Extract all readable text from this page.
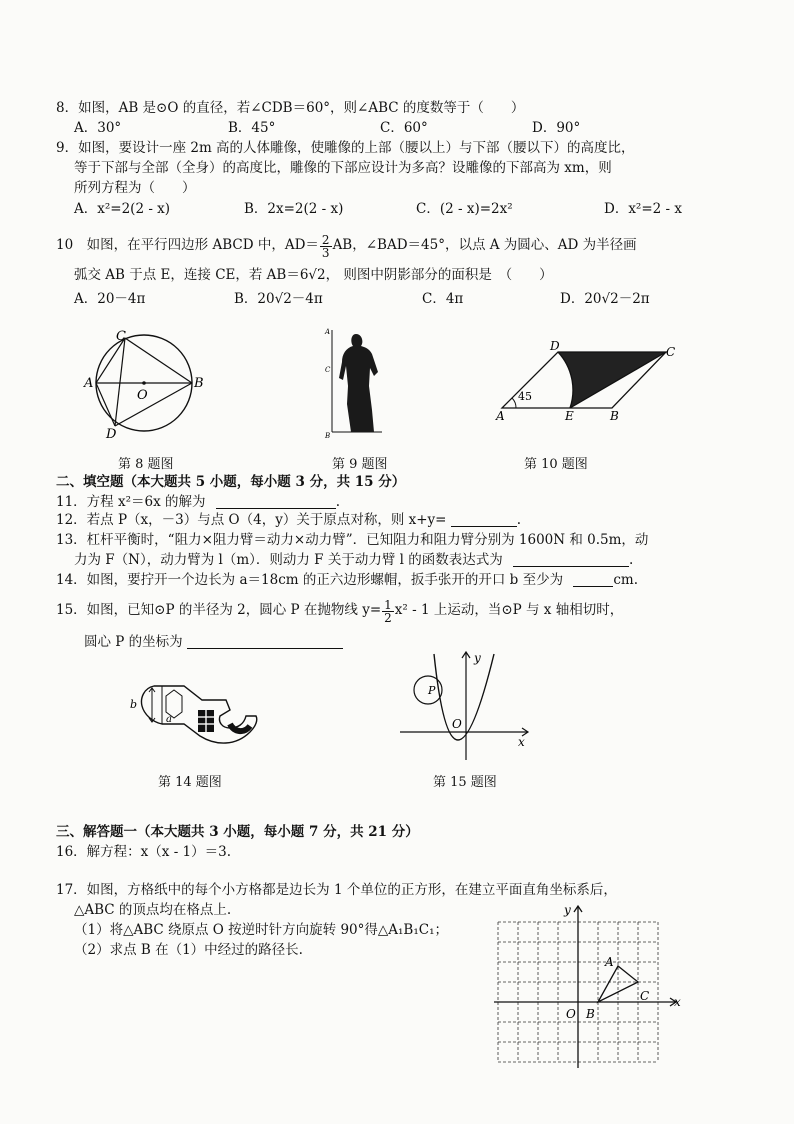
8．如图，AB 是⊙O 的直径，若∠CDB＝60°，则∠ABC 的度数等于（　　）
A．30°	B．45°	C．60°	D．90°
9．如图，要设计一座 2m 高的人体雕像，使雕像的上部（腰以上）与下部（腰以下）的高度比，
等于下部与全部（全身）的高度比，雕像的下部应设计为多高？设雕像的下部高为 xm，则
所列方程为（　　）
A．x²=2(2 - x)	B．2x=2(2 - x)	C．(2 - x)=2x²	D．x²=2 - x
10　如图，在平行四边形 ABCD 中，$AD= \frac{2}{3}$ AB，∠BAD＝45°，以点 A 为圆心、AD 为半径画
弧交 AB 于点 E，连接 CE，若 AB＝6√2， 则图中阴影部分的面积是　（　　）
A．20－4π	B．20√2－4π	C．4π	D．20√2－2π
C
A
O
B
D
A
C
B
D	C
45
A	E	B
第 8 题图	第 9 题图	第 10 题图
二、填空题（本大题共 5 小题，每小题 3 分，共 15 分）
11．方程 x²＝6x 的解为	.
12．若点 P（x，－3）与点 O（4，y）关于原点对称，则 x+y=	.
13．杠杆平衡时，“阻力×阻力臂＝动力×动力臂”．已知阻力和阻力臂分别为 1600N 和 0.5m，动
力为 F（N），动力臂为 l（m）．则动力 F 关于动力臂 l 的函数表达式为	.
14．如图，要拧开一个边长为 a＝18cm 的正六边形螺帽，扳手张开的开口 b 至少为	cm.
15．如图，已知⊙P 的半径为 2，圆心 P 在抛物线 $y= \frac{1}{2} x^2 - 1$ 上运动，当⊙P 与 x 轴相切时，
圆心 P 的坐标为
b
a
y
P
O
x
第 14 题图	第 15 题图
三、解答题一（本大题共 3 小题，每小题 7 分，共 21 分）
16．解方程：x（x - 1）＝3.
17．如图，方格纸中的每个小方格都是边长为 1 个单位的正方形，在建立平面直角坐标系后，
△ABC 的顶点均在格点上.
（1）将△ABC 绕原点 O 按逆时针方向旋转 90°得△A₁B₁C₁；
（2）求点 B 在（1）中经过的路径长.
y
A
C
O B
x
